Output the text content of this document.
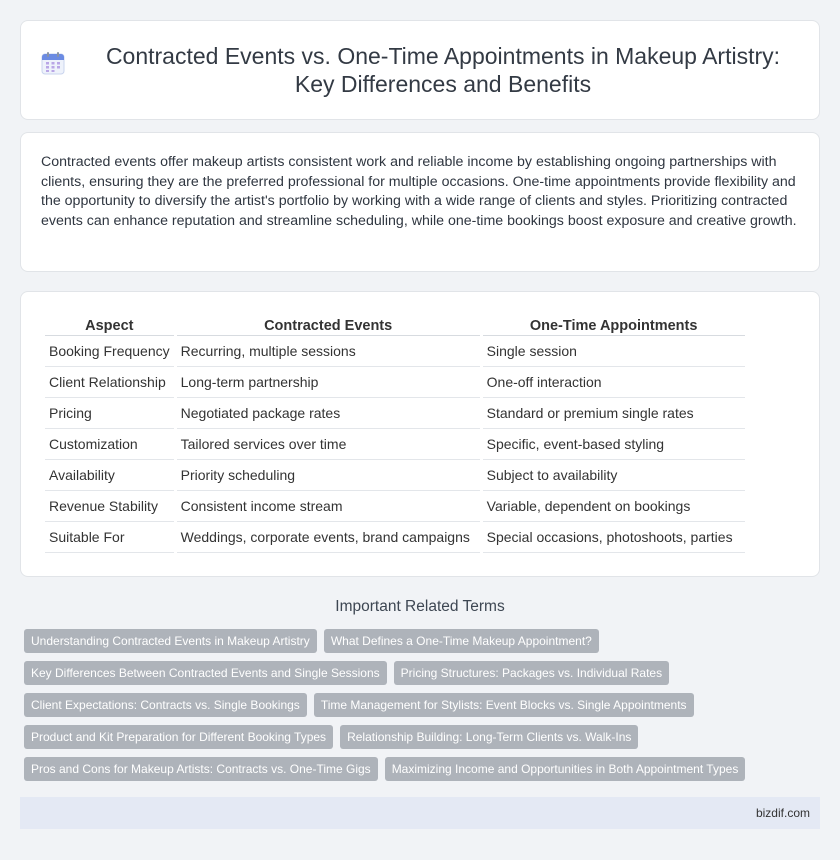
Contracted Events vs. One-Time Appointments in Makeup Artistry: Key Differences and Benefits

Contracted events offer makeup artists consistent work and reliable income by establishing ongoing partnerships with clients, ensuring they are the preferred professional for multiple occasions. One-time appointments provide flexibility and the opportunity to diversify the artist's portfolio by working with a wide range of clients and styles. Prioritizing contracted events can enhance reputation and streamline scheduling, while one-time bookings boost exposure and creative growth.

Aspect	Contracted Events	One-Time Appointments
Booking Frequency	Recurring, multiple sessions	Single session
Client Relationship	Long-term partnership	One-off interaction
Pricing	Negotiated package rates	Standard or premium single rates
Customization	Tailored services over time	Specific, event-based styling
Availability	Priority scheduling	Subject to availability
Revenue Stability	Consistent income stream	Variable, dependent on bookings
Suitable For	Weddings, corporate events, brand campaigns	Special occasions, photoshoots, parties
Important Related Terms
Understanding Contracted Events in Makeup Artistry	What Defines a One-Time Makeup Appointment?
Key Differences Between Contracted Events and Single Sessions	Pricing Structures: Packages vs. Individual Rates
Client Expectations: Contracts vs. Single Bookings	Time Management for Stylists: Event Blocks vs. Single Appointments
Product and Kit Preparation for Different Booking Types	Relationship Building: Long-Term Clients vs. Walk-Ins
Pros and Cons for Makeup Artists: Contracts vs. One-Time Gigs	Maximizing Income and Opportunities in Both Appointment Types
bizdif.com
